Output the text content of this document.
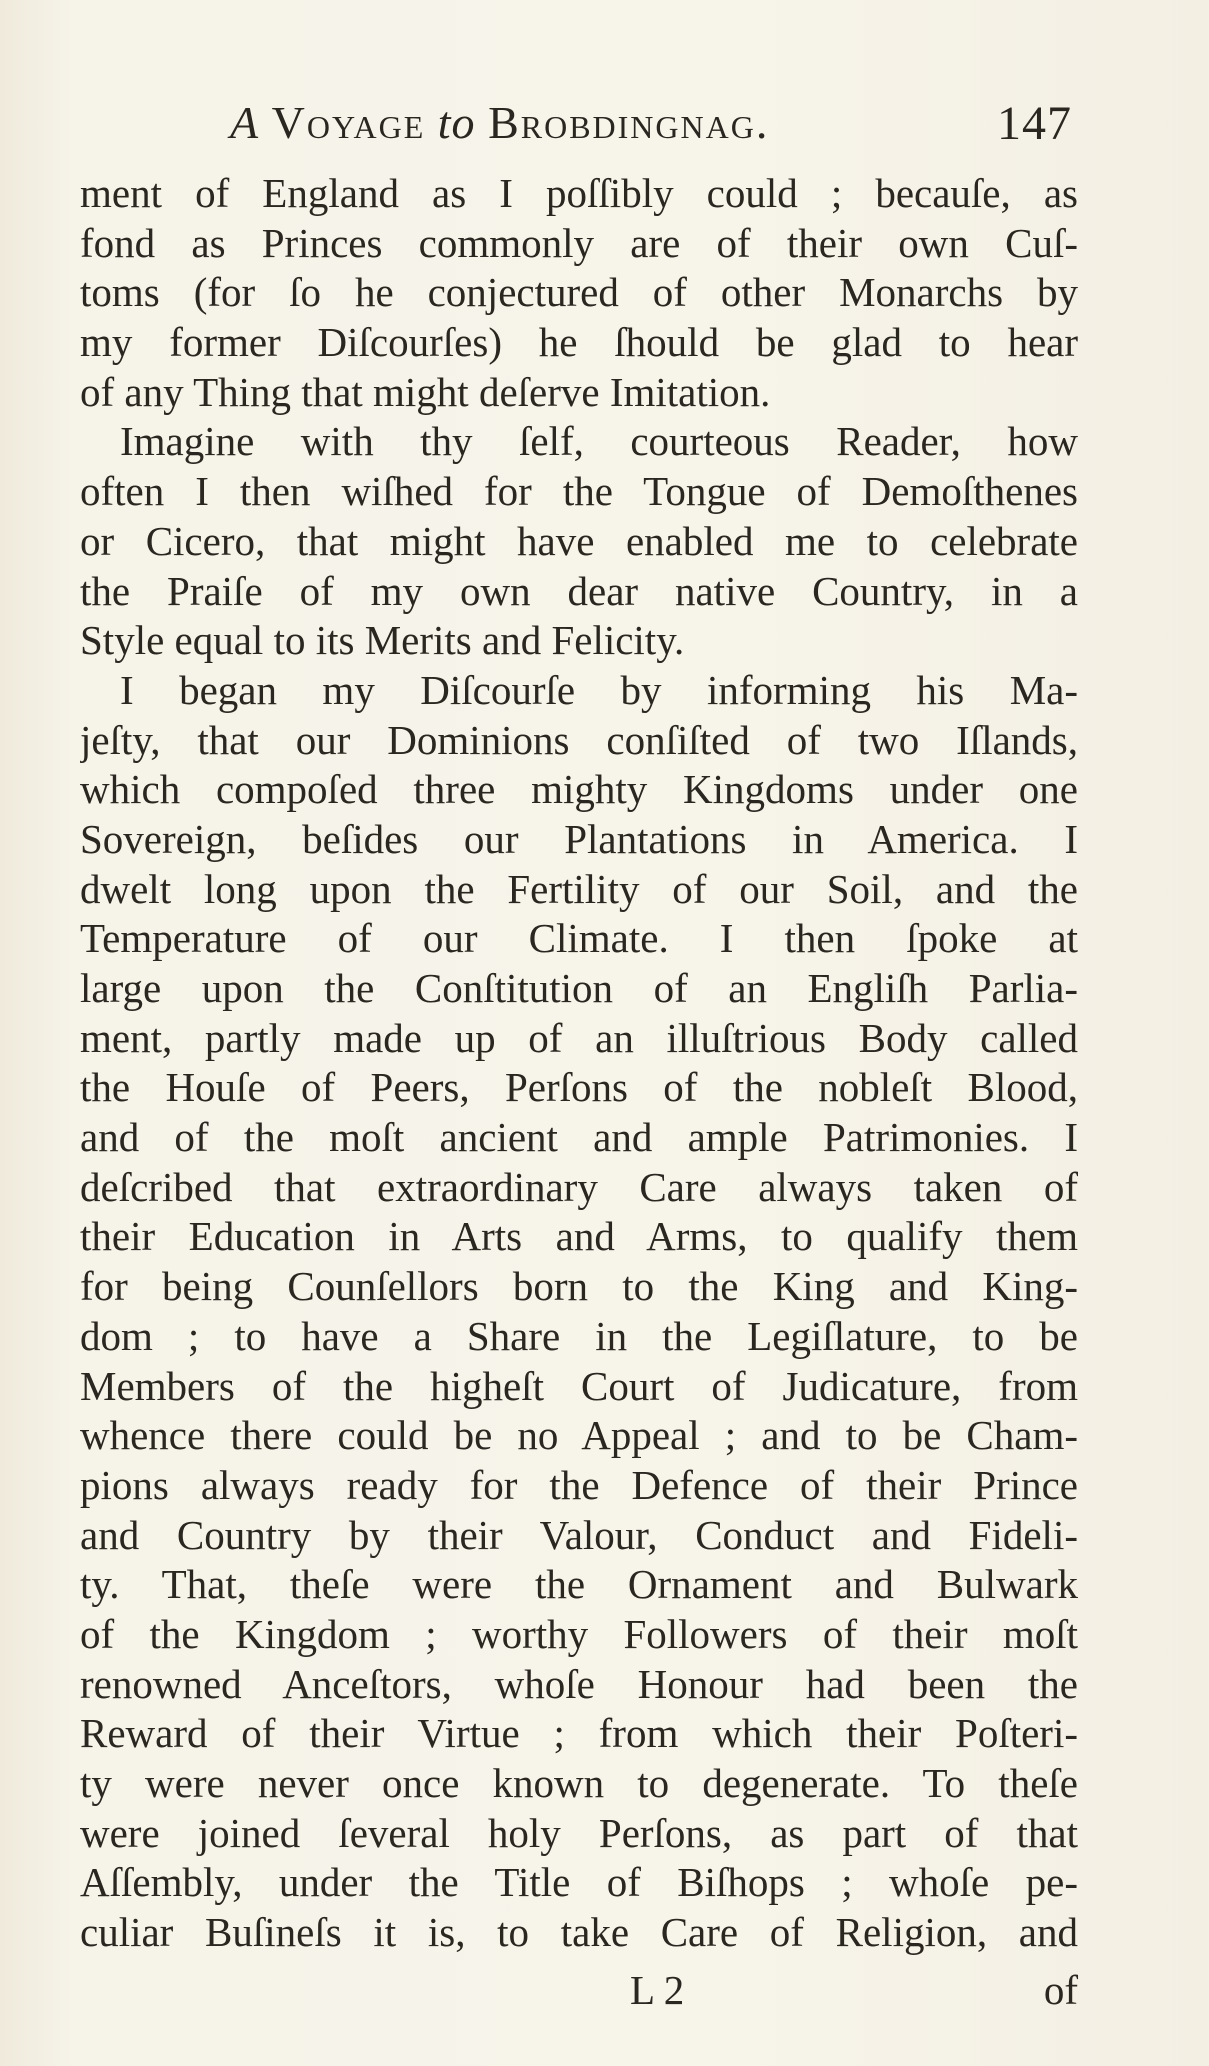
A Voyage to Brobdingnag.	147
ment of England as I poſſibly could ; becauſe, as
fond as Princes commonly are of their own Cuſ-
toms (for ſo he conjectured of other Monarchs by
my former Diſcourſes) he ſhould be glad to hear
of any Thing that might deſerve Imitation.
Imagine with thy ſelf, courteous Reader, how
often I then wiſhed for the Tongue of Demoſthenes
or Cicero, that might have enabled me to celebrate
the Praiſe of my own dear native Country, in a
Style equal to its Merits and Felicity.
I began my Diſcourſe by informing his Ma-
jeſty, that our Dominions conſiſted of two Iſlands,
which compoſed three mighty Kingdoms under one
Sovereign, beſides our Plantations in America. I
dwelt long upon the Fertility of our Soil, and the
Temperature of our Climate. I then ſpoke at
large upon the Conſtitution of an Engliſh Parlia-
ment, partly made up of an illuſtrious Body called
the Houſe of Peers, Perſons of the nobleſt Blood,
and of the moſt ancient and ample Patrimonies. I
deſcribed that extraordinary Care always taken of
their Education in Arts and Arms, to qualify them
for being Counſellors born to the King and King-
dom ; to have a Share in the Legiſlature, to be
Members of the higheſt Court of Judicature, from
whence there could be no Appeal ; and to be Cham-
pions always ready for the Defence of their Prince
and Country by their Valour, Conduct and Fideli-
ty. That, theſe were the Ornament and Bulwark
of the Kingdom ; worthy Followers of their moſt
renowned Anceſtors, whoſe Honour had been the
Reward of their Virtue ; from which their Poſteri-
ty were never once known to degenerate. To theſe
were joined ſeveral holy Perſons, as part of that
Aſſembly, under the Title of Biſhops ; whoſe pe-
culiar Buſineſs it is, to take Care of Religion, and
L 2	of
